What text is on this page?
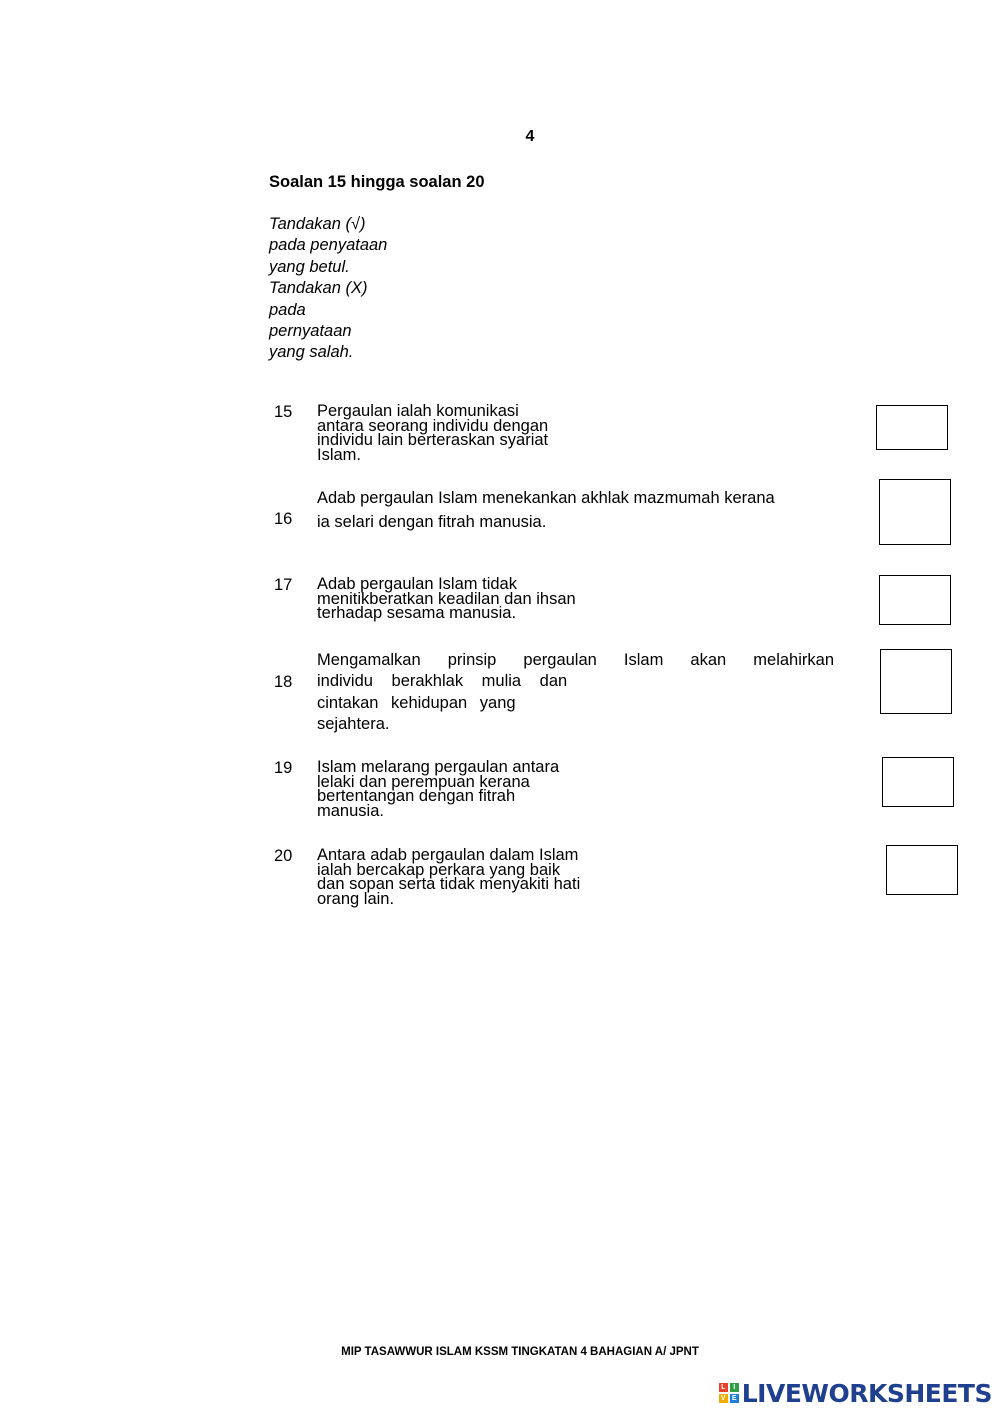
4
Soalan 15 hingga soalan 20
Tandakan (√)
pada penyataan
yang betul.
Tandakan (X)
pada
pernyataan
yang salah.
15 Pergaulan ialah komunikasi
antara seorang individu dengan
individu lain berteraskan syariat
Islam.
16
Adab pergaulan Islam menekankan akhlak mazmumah kerana
ia selari dengan fitrah manusia.
17 Adab pergaulan Islam tidak
menitikberatkan keadilan dan ihsan
terhadap sesama manusia.
18
Mengamalkan prinsip pergaulan Islam akan melahirkan
individu berakhlak mulia dan
cintakan kehidupan yang
sejahtera.
19 Islam melarang pergaulan antara
lelaki dan perempuan kerana
bertentangan dengan fitrah
manusia.
20 Antara adab pergaulan dalam Islam
ialah bercakap perkara yang baik
dan sopan serta tidak menyakiti hati
orang lain.
MIP TASAWWUR ISLAM KSSM TINGKATAN 4 BAHAGIAN A/ JPNT
L	I
V E LIVEWORKSHEETS
